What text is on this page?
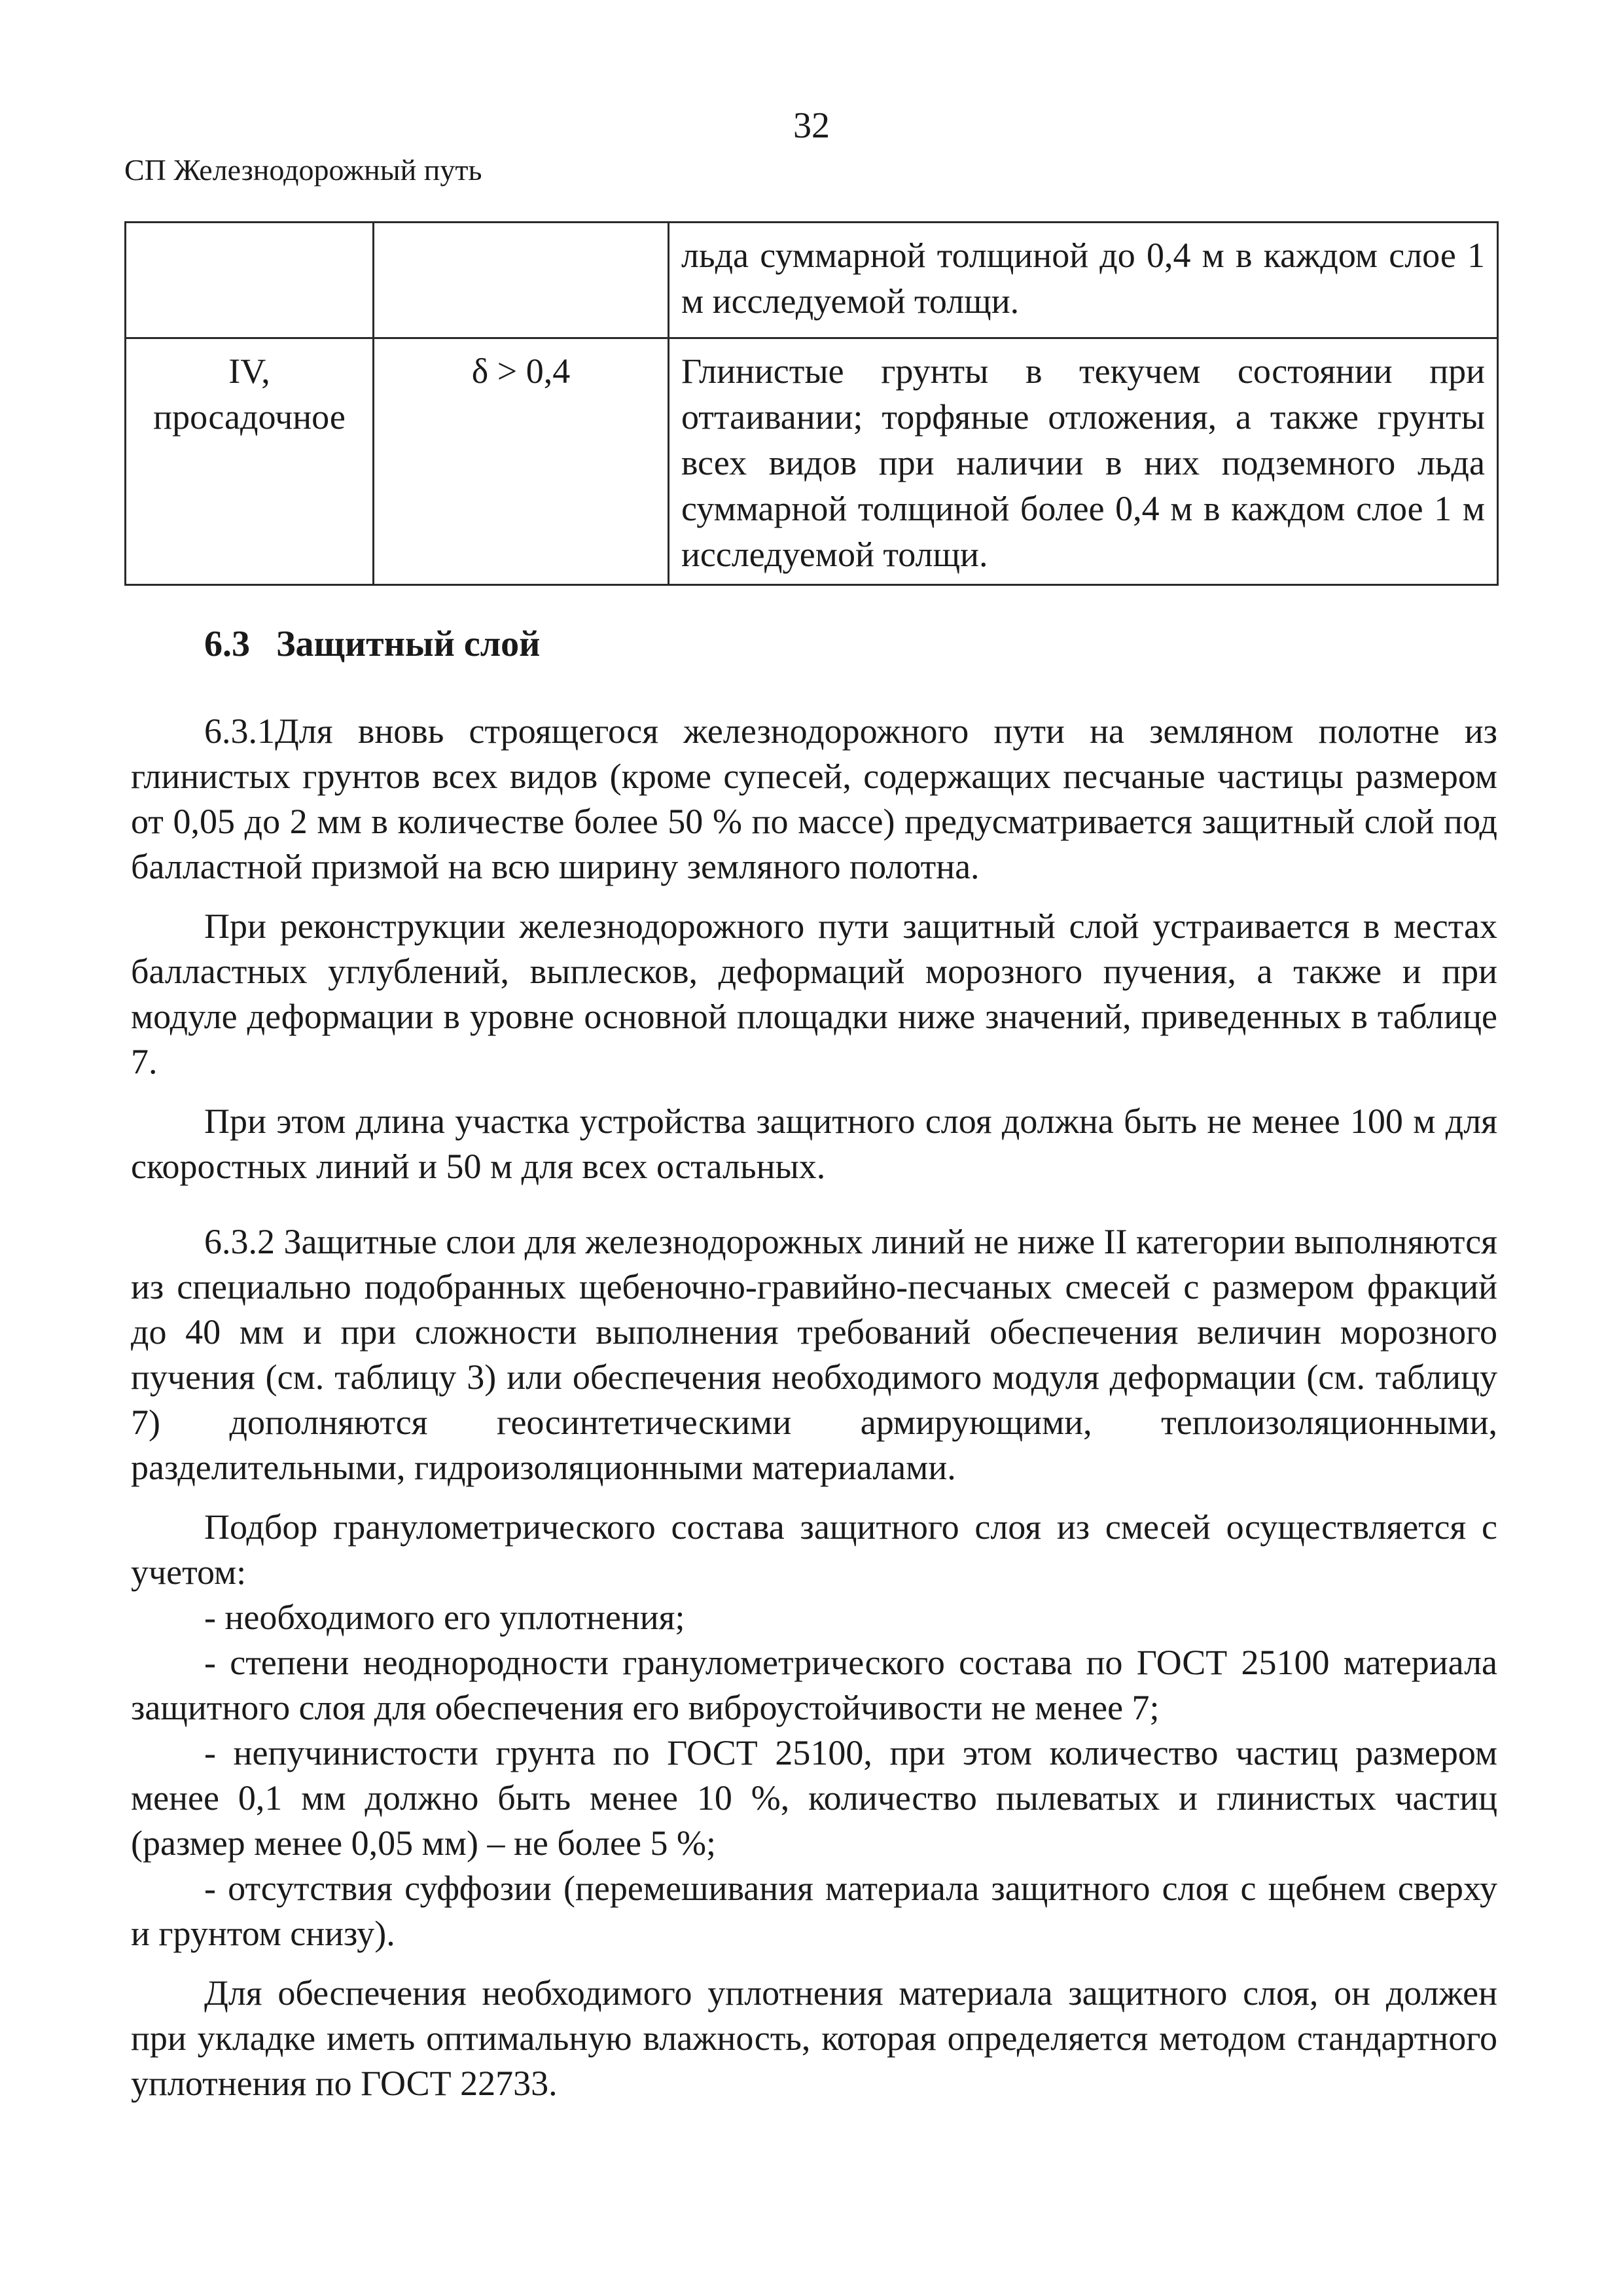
32
СП Железнодорожный путь
		льда суммарной толщиной до 0,4 м в каждом слое 1 м исследуемой толщи.

IV,
просадочное	δ > 0,4	Глинистые грунты в текучем состоянии при оттаивании; торфяные отложения, а также грунты всех видов при наличии в них подземного льда суммарной толщиной более 0,4 м в каждом слое 1 м исследуемой толщи.
6.3 Защитный слой

6.3.1Для вновь строящегося железнодорожного пути на земляном полотне из глинистых грунтов всех видов (кроме супесей, содержащих песчаные частицы размером от 0,05 до 2 мм в количестве более 50 % по массе) предусматривается защитный слой под балластной призмой на всю ширину земляного полотна.

При реконструкции железнодорожного пути защитный слой устраивается в местах балластных углублений, выплесков, деформаций морозного пучения, а также и при модуле деформации в уровне основной площадки ниже значений, приведенных в таблице 7.

При этом длина участка устройства защитного слоя должна быть не менее 100 м для скоростных линий и 50 м для всех остальных.

6.3.2 Защитные слои для железнодорожных линий не ниже II категории выполняются из специально подобранных щебеночно-гравийно-песчаных смесей с размером фракций до 40 мм и при сложности выполнения требований обеспечения величин морозного пучения (см. таблицу 3) или обеспечения необходимого модуля деформации (см. таблицу 7) дополняются геосинтетическими армирующими, теплоизоляционными, разделительными, гидроизоляционными материалами.

Подбор гранулометрического состава защитного слоя из смесей осуществляется с учетом:

- необходимого его уплотнения;

- степени неоднородности гранулометрического состава по ГОСТ 25100 материала защитного слоя для обеспечения его виброустойчивости не менее 7;

- непучинистости грунта по ГОСТ 25100, при этом количество частиц размером менее 0,1 мм должно быть менее 10 %, количество пылеватых и глинистых частиц (размер менее 0,05 мм) – не более 5 %;

- отсутствия суффозии (перемешивания материала защитного слоя с щебнем сверху и грунтом снизу).

Для обеспечения необходимого уплотнения материала защитного слоя, он должен при укладке иметь оптимальную влажность, которая определяется методом стандартного уплотнения по ГОСТ 22733.
